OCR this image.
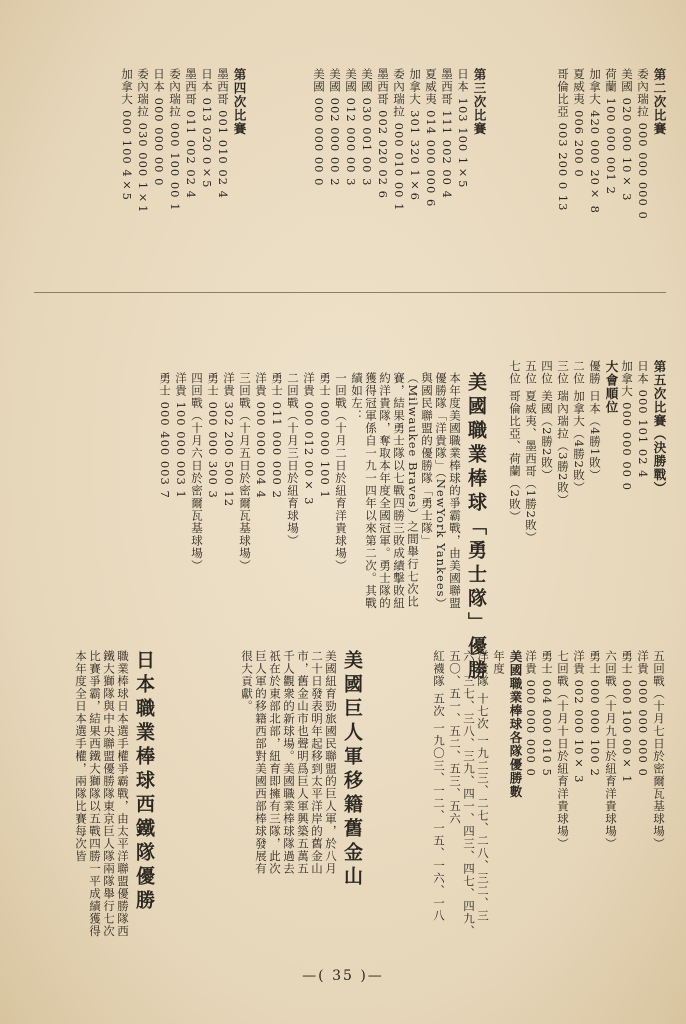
第二次比賽
委內瑞拉 000 000 000 0
美國 020 000 10× 3
荷蘭 100 000 001 2
加拿大 420 000 20× 8
夏威夷 006 200 0
哥倫比亞 003 200 0 13
第三次比賽
日本 103 100 1×5
墨西哥 111 002 00 4
夏威夷 014 000 000 6
加拿大 301 320 1×6
委內瑞拉 000 010 00 1
墨西哥 002 020 02 6
美國 030 001 00 3
美國 012 000 00 3
美國 002 000 00 2
美國 000 000 00 0
第四次比賽
墨西哥 001 010 02 4
日本 013 020 0×5
墨西哥 011 002 02 4
委內瑞拉 000 100 00 1
日本 000 000 00 0
委內瑞拉 030 000 1×1
加拿大 000 100 4×5
第五次比賽（決勝戰）
日本 000 101 02 4
加拿大 000 000 00 0
大會順位
優勝 日本（4勝1敗）
二位 加拿大（4勝2敗）
三位 瑞內瑞拉（3勝2敗）
四位 美國（2勝2敗）
五位 夏威夷、墨西哥（1勝2敗）
七位 哥倫比亞、荷蘭（2敗）
美國職業棒球「勇士隊」優勝
本年度美國職業棒球的爭霸戰，由美國聯盟優勝隊「洋貴隊」（NewYork Yankees）與國民聯盟的優勝隊「勇士隊」（Milwaukee Braves）之間舉行七次比賽，結果勇士隊以七戰四勝三敗成績擊敗紐約洋貴隊，奪取本年度全國冠軍。勇士隊的獲得冠軍係自一九一四年以來第二次。其戰績如左：
一回戰（十月二日於紐育洋貴球場）
勇士 000 000 100 1
洋貴 000 012 00× 3
二回戰（十月三日於紐育球場）
勇士 011 000 000 2
洋貴 000 000 004 4
三回戰（十月五日於密爾瓦基球場）
洋貴 302 200 500 12
勇士 000 000 300 3
四回戰（十月六日於密爾瓦基球場）
洋貴 100 000 003 1
勇士 000 400 003 7
五回戰（十月七日於密爾瓦基球場）
洋貴 000 000 000 0
勇士 000 100 00× 1
六回戰（十月九日於紐育洋貴球場）
勇士 000 000 100 2
洋貴 002 000 10× 3
七回戰（十月十日於紐育洋貴球場）
勇士 004 000 010 5
洋貴 000 000 000 0
美國職業棒球各隊優勝數
年度
洋貴隊 十七次 一九二三、二七、二八、三二、三六、三七、三八、三九、四一、四三、四七、四九、五〇、五一、五二、五三、五六
紅襪隊 五次 一九〇三、一二、一五、一六、一八
美國巨人軍移籍舊金山
美國紐育勁旅國民聯盟的巨人軍，於八月二十日發表明年起移到太平洋岸的舊金山市，舊金山市也聲明爲巨人軍興築五萬五千人觀衆的新球場。美國職業棒球隊過去祇在於東部北部，紐育即擁有三隊，此次巨人軍的移籍西部對美國西部棒球發展有很大貢獻。
日本職業棒球西鐵隊優勝
職業棒球日本選手權爭霸戰，由太平洋聯盟優勝隊西鐵大獅隊與中央聯盟優勝隊東京巨人隊兩隊舉行七次比賽爭霸，結果西鐵大獅隊以五戰四勝一平成績獲得本年度全日本選手權，兩隊比賽每次皆
—( 35 )—
